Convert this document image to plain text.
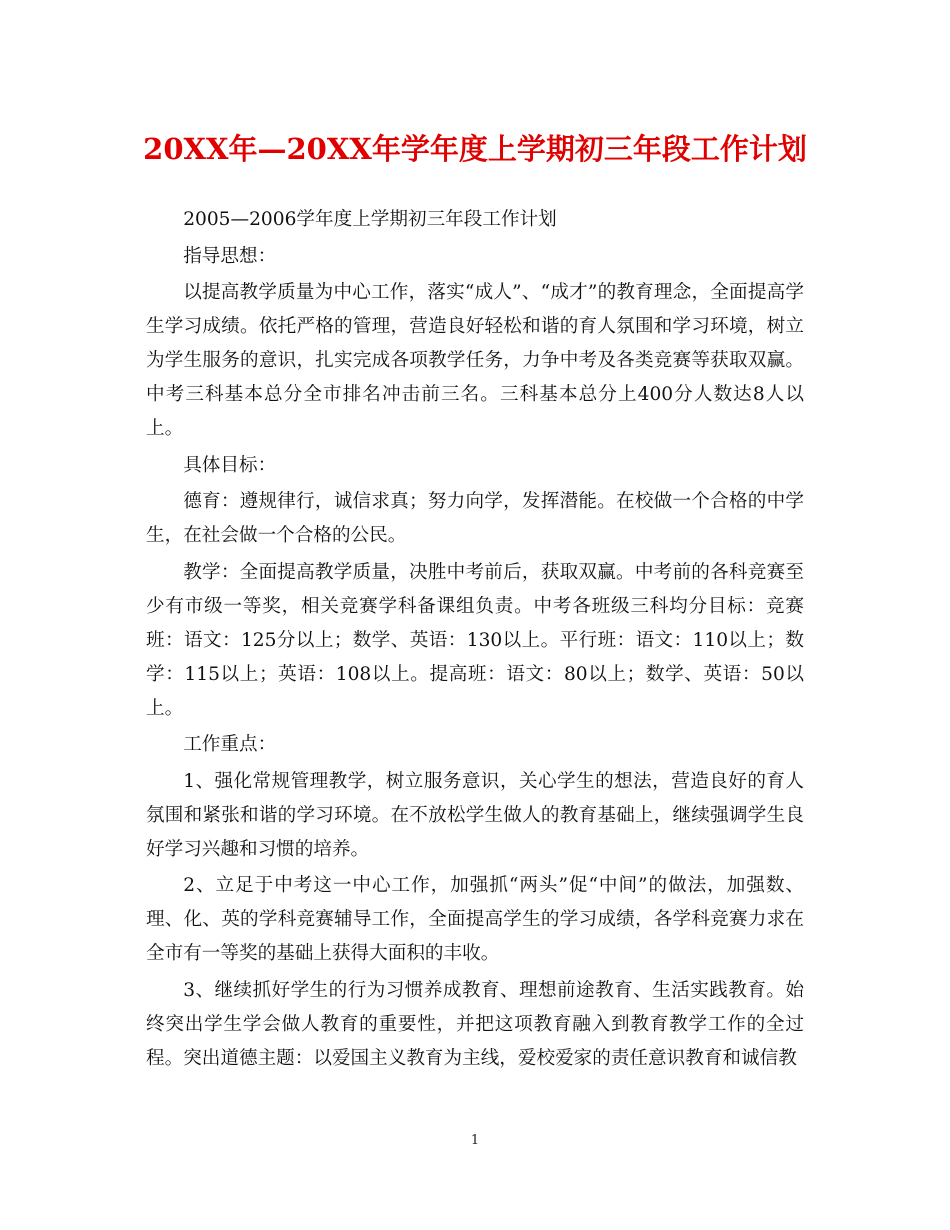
20XX年—20XX年学年度上学期初三年段工作计划

2005—2006学年度上学期初三年段工作计划

指导思想：

以提高教学质量为中心工作，落实“成人”、“成才”的教育理念，全面提高学生学习成绩。依托严格的管理，营造良好轻松和谐的育人氛围和学习环境，树立为学生服务的意识，扎实完成各项教学任务，力争中考及各类竞赛等获取双赢。中考三科基本总分全市排名冲击前三名。三科基本总分上400分人数达8人以上。

具体目标：

德育：遵规律行，诚信求真；努力向学，发挥潜能。在校做一个合格的中学生，在社会做一个合格的公民。

教学：全面提高教学质量，决胜中考前后，获取双赢。中考前的各科竞赛至少有市级一等奖，相关竞赛学科备课组负责。中考各班级三科均分目标：竞赛班：语文：125分以上；数学、英语：130以上。平行班：语文：110以上；数学：115以上；英语：108以上。提高班：语文：80以上；数学、英语：50以上。

工作重点：

1、强化常规管理教学，树立服务意识，关心学生的想法，营造良好的育人氛围和紧张和谐的学习环境。在不放松学生做人的教育基础上，继续强调学生良好学习兴趣和习惯的培养。

2、立足于中考这一中心工作，加强抓“两头”促“中间”的做法，加强数、理、化、英的学科竞赛辅导工作，全面提高学生的学习成绩，各学科竞赛力求在全市有一等奖的基础上获得大面积的丰收。

3、继续抓好学生的行为习惯养成教育、理想前途教育、生活实践教育。始终突出学生学会做人教育的重要性，并把这项教育融入到教育教学工作的全过程。突出道德主题：以爱国主义教育为主线，爱校爱家的责任意识教育和诚信教

1
